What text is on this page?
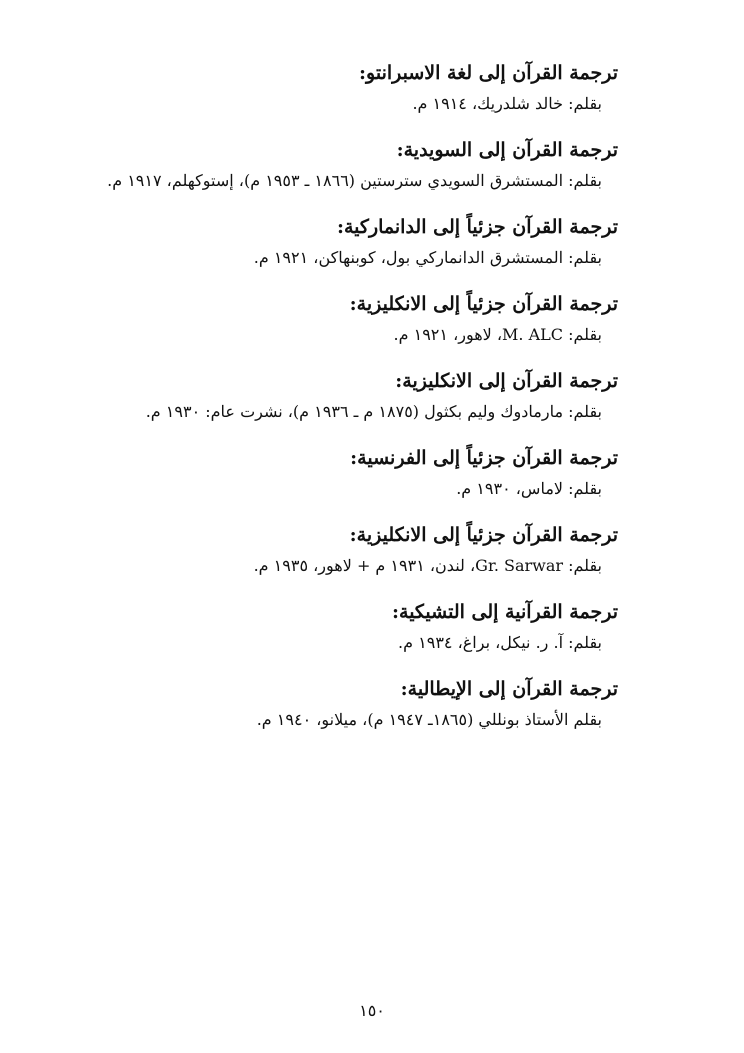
ترجمة القرآن إلى لغة الاسبرانتو:

بقلم: خالد شلدريك، ١٩١٤ م.

ترجمة القرآن إلى السويدية:

بقلم: المستشرق السويدي سترستين (١٨٦٦ ـ ١٩٥٣ م)، إستوكهلم، ١٩١٧ م.

ترجمة القرآن جزئياً إلى الدانماركية:

بقلم: المستشرق الدانماركي بول، كوبنهاكن، ١٩٢١ م.

ترجمة القرآن جزئياً إلى الانكليزية:

بقلم: M. ALC، لاهور، ١٩٢١ م.

ترجمة القرآن إلى الانكليزية:

بقلم: مارمادوك وليم بكثول (١٨٧٥ م ـ ١٩٣٦ م)، نشرت عام: ١٩٣٠ م.

ترجمة القرآن جزئياً إلى الفرنسية:

بقلم: لاماس، ١٩٣٠ م.

ترجمة القرآن جزئياً إلى الانكليزية:

بقلم: Gr. Sarwar، لندن، ١٩٣١ م + لاهور، ١٩٣٥ م.

ترجمة القرآنية إلى التشيكية:

بقلم: آ. ر. نيكل، براغ، ١٩٣٤ م.

ترجمة القرآن إلى الإيطالية:

بقلم الأستاذ بونللي (١٨٦٥ـ ١٩٤٧ م)، ميلانو، ١٩٤٠ م.

١٥٠
